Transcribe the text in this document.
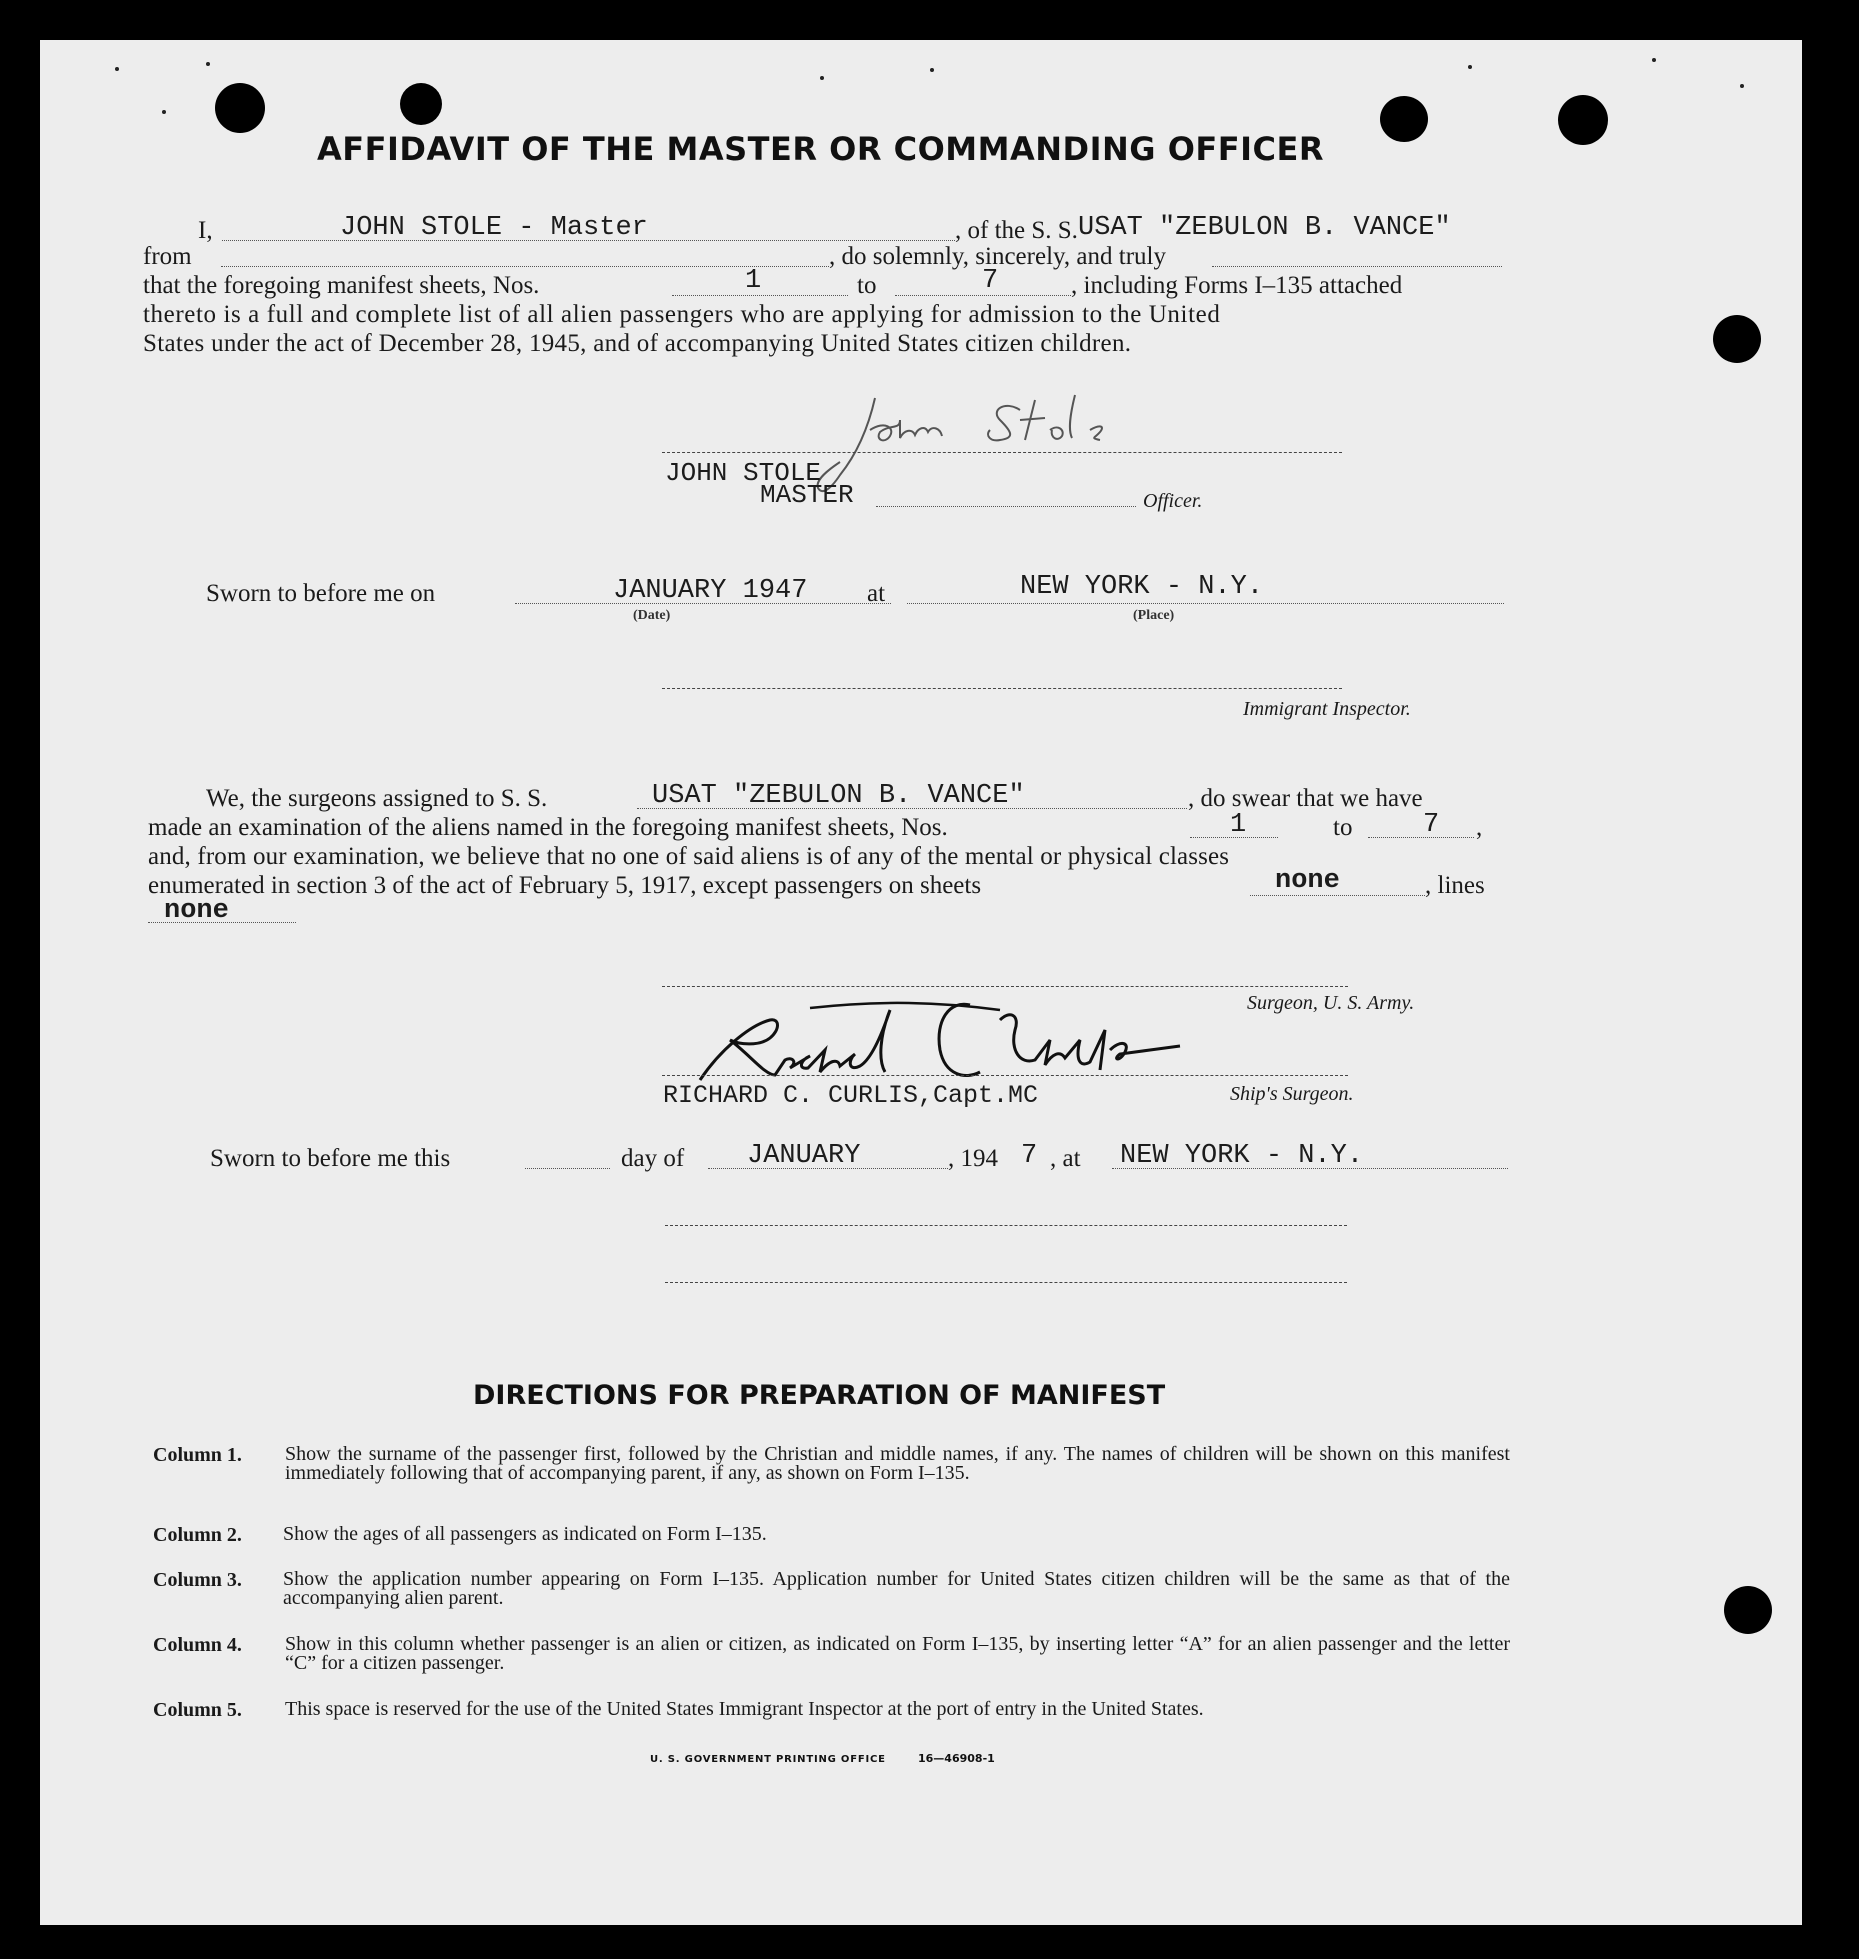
AFFIDAVIT OF THE MASTER OR COMMANDING OFFICER
I,	JOHN STOLE - Master	, of the S. S. USAT "ZEBULON B. VANCE"
from	, do solemnly, sincerely, and truly
that the foregoing manifest sheets, Nos.	1	to	7	, including Forms I–135 attached
thereto is a full and complete list of all alien passengers who are applying for admission to the United
States under the act of December 28, 1945, and of accompanying United States citizen children.
JOHN STOLE
MASTER	Officer.
Sworn to before me on	JANUARY 1947 at	NEW YORK - N.Y.
(Date)	(Place)
Immigrant Inspector.
We, the surgeons assigned to S. S.	USAT "ZEBULON B. VANCE"	, do swear that we have
made an examination of the aliens named in the foregoing manifest sheets, Nos.	1	to	7 ,
and, from our examination, we believe that no one of said aliens is of any of the mental or physical classes
enumerated in section 3 of the act of February 5, 1917, except passengers on sheets	none	, lines
none
Surgeon, U. S. Army.
RICHARD C. CURLIS,Capt.MC	Ship's Surgeon.
Sworn to before me this	day of JANUARY	, 194 7 , at NEW YORK - N.Y.
DIRECTIONS FOR PREPARATION OF MANIFEST
Column 1. Show the surname of the passenger first, followed by the Christian and middle names, if any. The names of children will be shown on this manifest immediately following that of accompanying parent, if any, as shown on Form I–135.
Column 2. Show the ages of all passengers as indicated on Form I–135.
Column 3. Show the application number appearing on Form I–135. Application number for United States citizen children will be the same as that of the accompanying alien parent.
Column 4. Show in this column whether passenger is an alien or citizen, as indicated on Form I–135, by inserting letter “A” for an alien passenger and the letter “C” for a citizen passenger.
Column 5. This space is reserved for the use of the United States Immigrant Inspector at the port of entry in the United States.
U. S. GOVERNMENT PRINTING OFFICE	16—46908-1
